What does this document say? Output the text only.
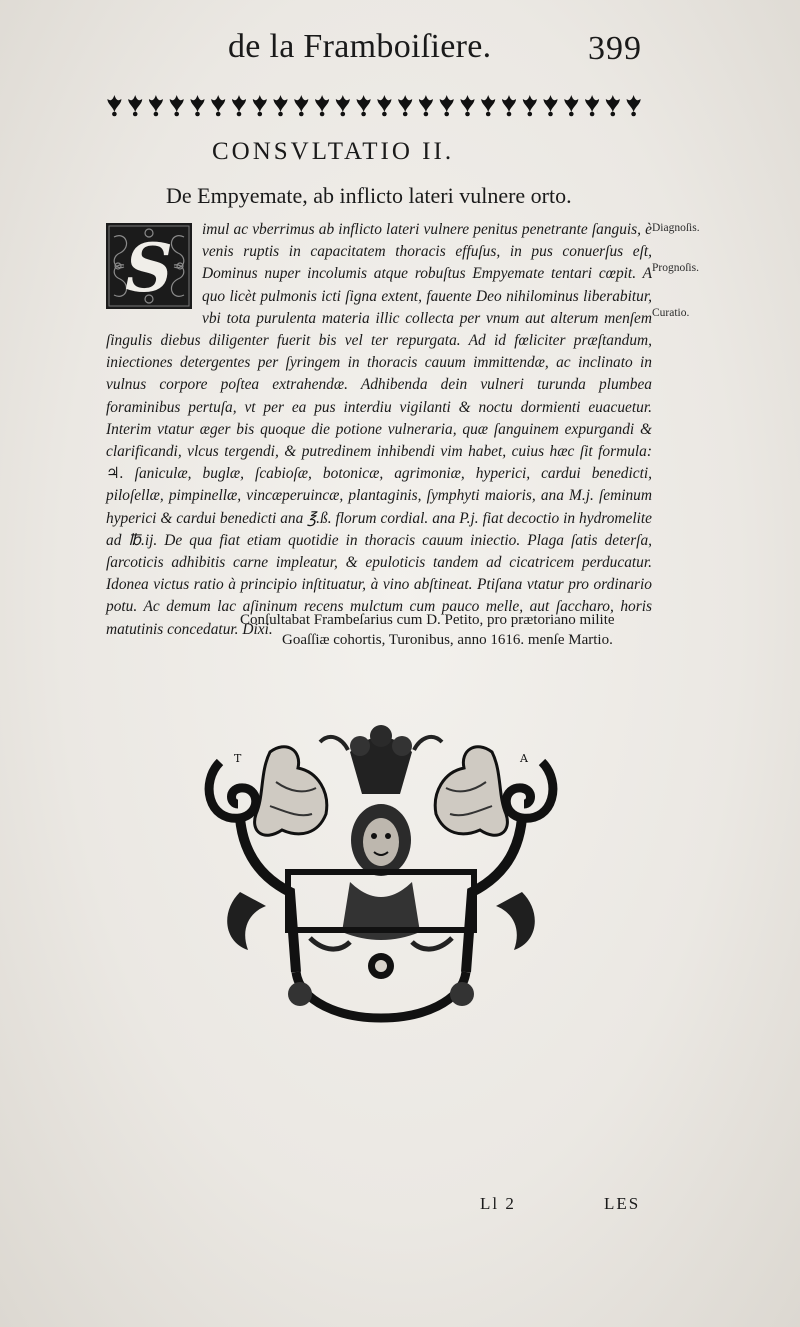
de la Framboiſiere.	399
CONSVLTATIO II.
De Empyemate, ab inflicto lateri vulnere orto.
S imul ac vberrimus ab inflicto lateri vulnere penitus penetrante ſanguis, è venis ruptis in capacitatem thoracis effuſus, in pus conuerſus eſt, Dominus nuper incolumis atque robuſtus Empyemate tentari cœpit. A quo licèt pulmonis icti ſigna extent, fauente Deo nihilominus liberabitur, vbi tota purulenta materia illic collecta per vnum aut alterum menſem ſingulis diebus diligenter fuerit bis vel ter repurgata. Ad id fœliciter præſtandum, iniectiones detergentes per ſyringem in thoracis cauum immittendæ, ac inclinato in vulnus corpore poſtea extrahendæ. Adhibenda dein vulneri turunda plumbea foraminibus pertuſa, vt per ea pus interdiu vigilanti & noctu dormienti euacuetur. Interim vtatur æger bis quoque die potione vulneraria, quæ ſanguinem expurgandi & clarificandi, vlcus tergendi, & putredinem inhibendi vim habet, cuius hæc ſit formula: ♃. ſaniculæ, buglæ, ſcabioſæ, botonicæ, agrimoniæ, hyperici, cardui benedicti, piloſellæ, pimpinellæ, vincæperuincæ, plantaginis, ſymphyti maioris, ana M.j. ſeminum hyperici & cardui benedicti ana ℥.ß. florum cordial. ana P.j. fiat decoctio in hydromelite ad ℔.ij. De qua fiat etiam quotidie in thoracis cauum iniectio. Plaga ſatis deterſa, ſarcoticis adhibitis carne impleatur, & epuloticis tandem ad cicatricem perducatur. Idonea victus ratio à principio inſtituatur, à vino abſtineat. Ptiſana vtatur pro ordinario potu. Ac demum lac aſininum recens mulctum cum pauco melle, aut ſaccharo, horis matutinis concedatur. Dixi.
Diagnoſis.
Prognoſis.
Curatio.
Conſultabat Frambeſarius cum D. Petito, pro prætoriano milite
Goaſſiæ cohortis, Turonibus, anno 1616. menſe Martio.
T	A
Ll 2	LES
